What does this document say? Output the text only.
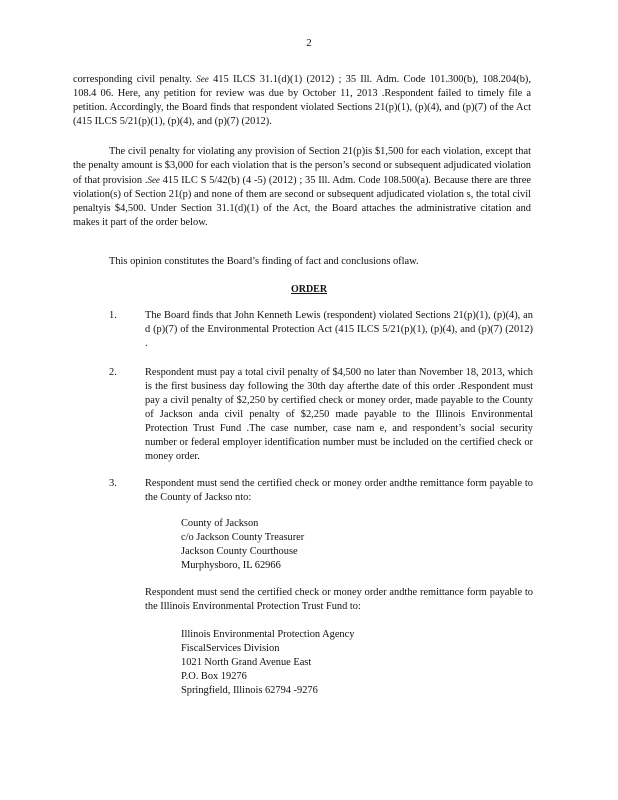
2
corresponding civil penalty. See 415 ILCS 31.1(d)(1) (2012) ; 35 Ill. Adm. Code 101.300(b), 108.204(b), 108.4 06. Here, any petition for review was due by October 11, 2013 .Respondent failed to timely file a petition. Accordingly, the Board finds that respondent violated Sections 21(p)(1), (p)(4), and (p)(7) of the Act (415 ILCS 5/21(p)(1), (p)(4), and (p)(7) (2012).
The civil penalty for violating any provision of Section 21(p)is $1,500 for each violation, except that the penalty amount is $3,000 for each violation that is the person’s second or subsequent adjudicated violation of that provision .See 415 ILC S 5/42(b) (4 -5) (2012) ; 35 Ill. Adm. Code 108.500(a). Because there are three violation(s) of Section 21(p) and none of them are second or subsequent adjudicated violation s, the total civil penaltyis $4,500. Under Section 31.1(d)(1) of the Act, the Board attaches the administrative citation and makes it part of the order below.
This opinion constitutes the Board’s finding of fact and conclusions oflaw.
ORDER
1.	The Board finds that John Kenneth Lewis (respondent) violated Sections 21(p)(1), (p)(4), an d (p)(7) of the Environmental Protection Act (415 ILCS 5/21(p)(1), (p)(4), and (p)(7) (2012) .
2.	Respondent must pay a total civil penalty of $4,500 no later than November 18, 2013, which is the first business day following the 30th day afterthe date of this order .Respondent must pay a civil penalty of $2,250 by certified check or money order, made payable to the County of Jackson anda civil penalty of $2,250 made payable to the Illinois Environmental Protection Trust Fund .The case number, case nam e, and respondent’s social security number or federal employer identification number must be included on the certified check or money order.
3.	Respondent must send the certified check or money order andthe remittance form payable to the County of Jackso nto:
County of Jackson
c/o Jackson County Treasurer
Jackson County Courthouse
Murphysboro, IL 62966
Respondent must send the certified check or money order andthe remittance form payable to the Illinois Environmental Protection Trust Fund to:
Illinois Environmental Protection Agency
FiscalServices Division
1021 North Grand Avenue East
P.O. Box 19276
Springfield, Illinois 62794 -9276
